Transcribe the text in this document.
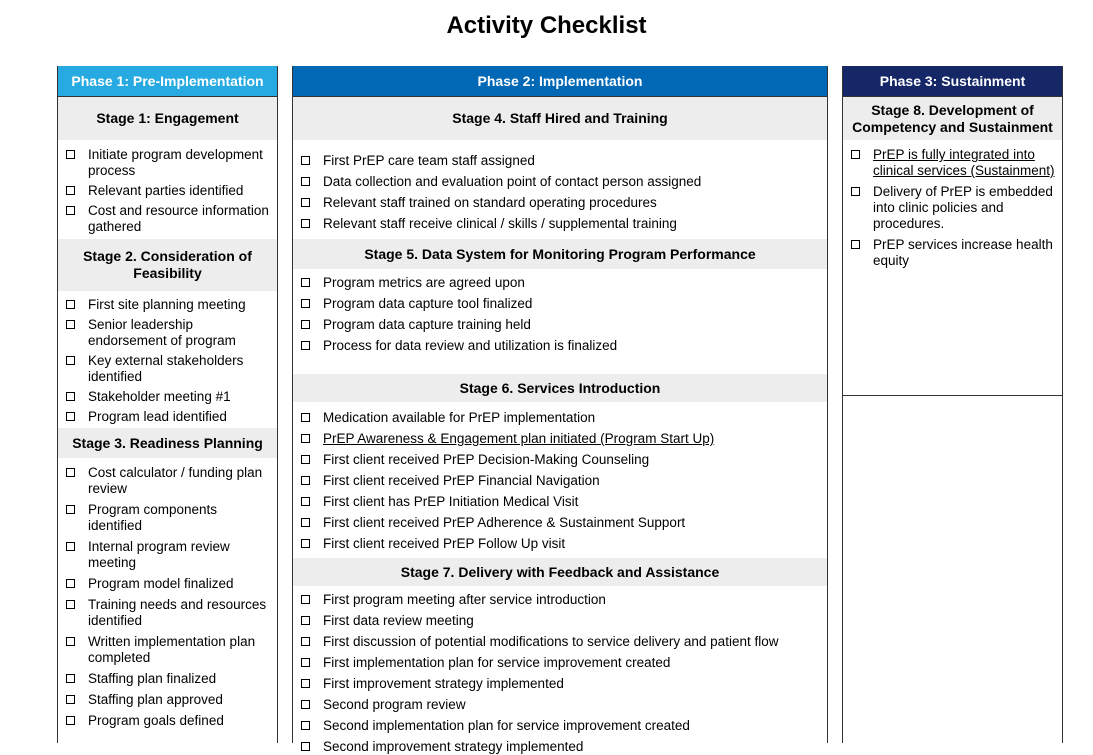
Activity Checklist
Phase 1: Pre-Implementation
Stage 1: Engagement
Initiate program development process
Relevant parties identified
Cost and resource information gathered
Stage 2. Consideration of Feasibility
First site planning meeting
Senior leadership endorsement of program
Key external stakeholders identified
Stakeholder meeting #1
Program lead identified
Stage 3. Readiness Planning
Cost calculator / funding plan review
Program components identified
Internal program review meeting
Program model finalized
Training needs and resources identified
Written implementation plan completed
Staffing plan finalized
Staffing plan approved
Program goals defined
Phase 2: Implementation
Stage 4. Staff Hired and Training
First PrEP care team staff assigned
Data collection and evaluation point of contact person assigned
Relevant staff trained on standard operating procedures
Relevant staff receive clinical / skills / supplemental training
Stage 5. Data System for Monitoring Program Performance
Program metrics are agreed upon
Program data capture tool finalized
Program data capture training held
Process for data review and utilization is finalized
Stage 6. Services Introduction
Medication available for PrEP implementation
PrEP Awareness & Engagement plan initiated (Program Start Up)
First client received PrEP Decision-Making Counseling
First client received PrEP Financial Navigation
First client has PrEP Initiation Medical Visit
First client received PrEP Adherence & Sustainment Support
First client received PrEP Follow Up visit
Stage 7. Delivery with Feedback and Assistance
First program meeting after service introduction
First data review meeting
First discussion of potential modifications to service delivery and patient flow
First implementation plan for service improvement created
First improvement strategy implemented
Second program review
Second implementation plan for service improvement created
Second improvement strategy implemented
Phase 3: Sustainment
Stage 8. Development of Competency and Sustainment
PrEP is fully integrated into clinical services (Sustainment)
Delivery of PrEP is embedded into clinic policies and procedures.
PrEP services increase health equity
